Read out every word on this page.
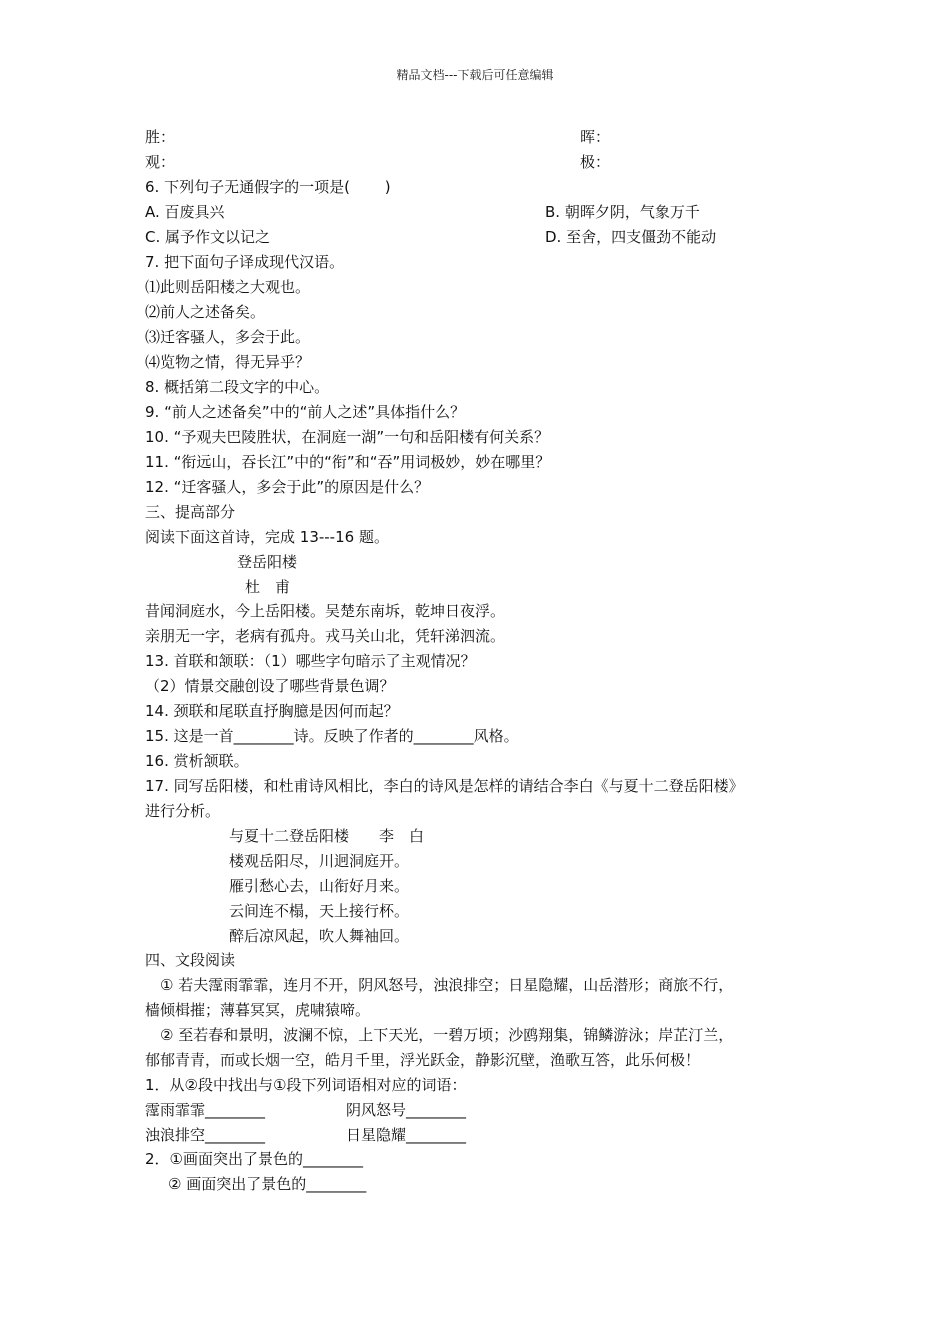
精品文档---下载后可任意编辑
胜：	晖：
观：	极：
6. 下列句子无通假字的一项是(　　 )
A. 百废具兴	B. 朝晖夕阴，气象万千
C. 属予作文以记之	D. 至舍，四支僵劲不能动
7. 把下面句子译成现代汉语。
⑴此则岳阳楼之大观也。
⑵前人之述备矣。
⑶迁客骚人，多会于此。
⑷览物之情，得无异乎？
8. 概括第二段文字的中心。
9. “前人之述备矣”中的“前人之述”具体指什么？
10. “予观夫巴陵胜状，在洞庭一湖”一句和岳阳楼有何关系？
11. “衔远山，吞长江”中的“衔”和“吞”用词极妙，妙在哪里？
12. “迁客骚人，多会于此”的原因是什么？
三、提高部分
阅读下面这首诗，完成 13---16 题。
登岳阳楼
杜　甫
昔闻洞庭水，今上岳阳楼。吴楚东南坼，乾坤日夜浮。
亲朋无一字，老病有孤舟。戎马关山北，凭轩涕泗流。
13. 首联和颔联：（1）哪些字句暗示了主观情况？
（2）情景交融创设了哪些背景色调？
14. 颈联和尾联直抒胸臆是因何而起？
15. 这是一首________诗。反映了作者的________风格。
16. 赏析颔联。
17. 同写岳阳楼，和杜甫诗风相比，李白的诗风是怎样的请结合李白《与夏十二登岳阳楼》
进行分析。
与夏十二登岳阳楼　　李　白
楼观岳阳尽，川迥洞庭开。
雁引愁心去，山衔好月来。
云间连不榻，天上接行杯。
醉后凉风起，吹人舞袖回。
四、文段阅读
　① 若夫霪雨霏霏，连月不开，阴风怒号，浊浪排空；日星隐耀，山岳潜形；商旅不行，
樯倾楫摧；薄暮冥冥，虎啸猿啼。
　② 至若春和景明，波澜不惊，上下天光，一碧万顷；沙鸥翔集，锦鳞游泳；岸芷汀兰，
郁郁青青，而或长烟一空，皓月千里，浮光跃金，静影沉壁，渔歌互答，此乐何极！
1．从②段中找出与①段下列词语相对应的词语：
霪雨霏霏________	阴风怒号________
浊浪排空________	日星隐耀________
2．①画面突出了景色的________
② 画面突出了景色的________
